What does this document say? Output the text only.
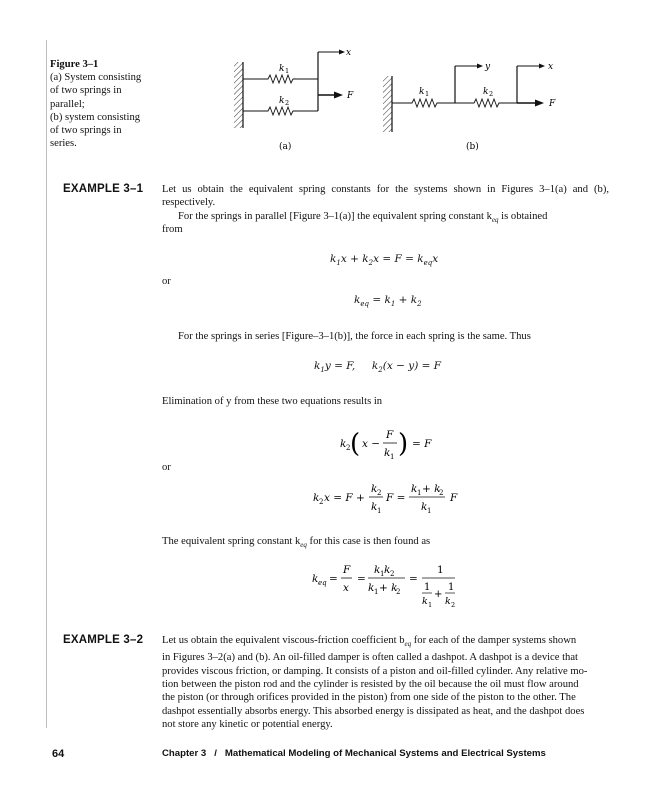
Figure 3–1
(a) System consisting
of two springs in
parallel;
(b) system consisting
of two springs in
series.
x
F
k 1
k 2
(a)
y	x
F
k 1	k 2
(b)
EXAMPLE 3–1 Let us obtain the equivalent spring constants for the systems shown in Figures 3–1(a) and (b), respectively.
For the springs in parallel [Figure 3–1(a)] the equivalent spring constant $k_{eq}$ is obtained
from
$k_1x + k_2x = F = k_{eq}x$
or
$k_{eq} = k_1 + k_2$
For the springs in series [Figure–3–1(b)], the force in each spring is the same. Thus
$k_1y = F$,     $k_2(x - y) = F$
Elimination of y from these two equations results in
k 2 ( x −
F
k 1 ) = F
or
k 2 x = F +
k 2
k 1
F =
k 1 + k
2
k 1
F
The equivalent spring constant $k_{eq}$ for this case is then found as
k eq =
F
x
=
k 1 k 2
k 1 + k
2
=
1
1
k 1
+
1
k 2
EXAMPLE 3–2 Let us obtain the equivalent viscous-friction coefficient $b_{eq}$ for each of the damper systems shown
in Figures 3–2(a) and (b). An oil-filled damper is often called a dashpot. A dashpot is a device that
provides viscous friction, or damping. It consists of a piston and oil-filled cylinder. Any relative mo-
tion between the piston rod and the cylinder is resisted by the oil because the oil must flow around
the piston (or through orifices provided in the piston) from one side of the piston to the other. The
dashpot essentially absorbs energy. This absorbed energy is dissipated as heat, and the dashpot does
not store any kinetic or potential energy.
64	Chapter 3   /   Mathematical Modeling of Mechanical Systems and Electrical Systems
